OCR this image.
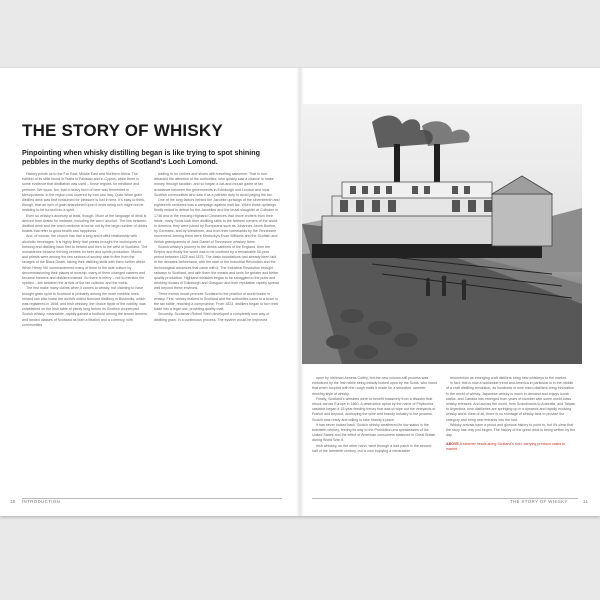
THE STORY OF WHISKY

Pinpointing when whisky distilling began is like trying to spot shining pebbles in the murky depths of Scotland's Loch Lomond.

History points us to the Far East, Middle East and Northern Africa. The earliest of its stills found in Taxila in Pakistan and in Cyprus, while there is some evidence that distillation was used – those regions for medicine and perfume. We know, too, that a heavy form of beer was fermented in Mesopotamia, in the region now covered by Iran and Iraq. Quite when grain distilled drink was first consumed for pleasure is lost in time. It's easy to think, though, that an inch of grain abandoned upon it ends being rich might not be resisting to be turned into a spirit.

Even so whisky's ancestry at least, though. Much of the language of drink is derived from Arabic for instance, including the word 'alcohol'. The link between distilled drink and the word medicine is borne out by the large number of drinks boasts that refer to good health and happiness.

And, of course, the church has had a long and fruitful relationship with alcoholic beverages. It is highly likely that priests brought the techniques of brewing and distilling back first to Ireland and then to the west of Scotland. The monasteries became thriving centres for beer and spirits production. Monks and priests were among the few sectors of society able to flee from the ravages of the Black Death, taking their distilling skills with them further afield. When Henry VIII commandeered many of them to the side culture by decommissioning their places of worship, many of them changed careers and became brewers and distillers instead. So there is merry – not to mention the spirited – link between the arrival of the tax collector and the monk.

The first make many claims when it comes to whisky, but claiming to have brought grain spirit to Scotland is probably among the more credible ones. Ireland can also boast the world's oldest licensed distillery in Bushmills, which was registered in 1608, and Irish whiskey, the choice tipple of the nobility, was established on the Irish table of plenty long before its Scottish counterpart. Scotch whisky, meanwhile, rapidly gained a foothold among the tenant farmers and landed classes of Scotland as both a libation and a currency, with communities

trading in for clothes and shoes with travelling salesmen. That in turn attracted the attention of the authorities, who quickly saw a chance to make money through taxation, and so began a cat-and-mouse game of tax avoidance between the governments in Edinburgh and London and local Scottish communities who saw it as a patriotic duty to avoid paying the tax.

One of the long factors behind the Jacobite uprisings of the seventeenth and eighteenth centuries was a campaign against malt tax. When those uprisings finally ended in defeat for the Jacobites and the brutal slaughter at Culloden in 1746 and in the ensuing Highland Clearances that drove crofters from their lands, many Scots took their distilling skills to the farthest corners of the world. In America, they were joined by Europeans such as Johannes Jacob Boehm, by Germans, and by Welshmen, and from their homelands by the Tennessee movement. Among them were Kentucky's Evan Williams and the Scottish and Welsh grandparents of Jack Daniel of Tennessee whiskey fame.

Scotch whisky's journey to the drinks cabinets of the England, then the Empire and finally the world was to be confined by a remarkable 50-year period between 1825 and 1875. The basic foundations had already been laid. In the decades beforehand, with the start of the Industrial Revolution and the technological advances that came with it. The Industrial Revolution brought railways to Scotland, and with them the means and tools for greater and better quality production. Highland whiskies began to be smuggled to the pubs and drinking houses of Edinburgh and Glasgow, and their reputation rapidly spread well beyond these environs.

Three events would promote Scotland to the position of world leader in whisky. First, whisky makers in Scotland and the authorities came to a truce in the tax battle, reaching a compromise. From 1823, distillers began to turn their trade into a legal one, providing quality malt.

Secondly, Scotsman Robert Stein developed a completely new way of distilling grain: in a continuous process. The system would be improved

upon by Irishman Aeneas Coffey, but the new column-still process was embraced by the Irish while being initially looked upon by the Scots, who found that when coupled with the rough malts it made for a smoother, sweeter drinking style of whisky.

Finally, Scotland's whiskies were to benefit massively from a disaster that struck across Europe in 1860. A destructive aphid by the name of Phylloxera vastatrix began a 15-year feeding frenzy that was to wipe out the vineyards of France and beyond, destroying the wine and brandy industry in the process. Scotch was ready and willing to take brandy's place.

It has never looked back. Scotch whisky weathered its low status in the twentieth century, feeling its way to the Prohibition-era speakeasies of the United States and the effect of American consumers stationed in Great Britain during World War II.

Irish whiskey, on the other hand, went through a bad patch in the second half of the twentieth century, but is now enjoying a remarkable

resurrection as emerging craft distillers bring new whiskeys to the market.

In fact, this is now a worldwide trend and America in particular is in the middle of a craft distilling revolution, as hundreds of new micro-distillers bring innovation to the world of whisky. Japanese whisky is much in demand and enjoys iconic status, and Canada has emerged from years of slumber with some world-class whisky releases. And across the world, from Scandinavia to Australia, and Taiwan to Argentina, new distilleries are springing up in a dynamic and rapidly evolving whisky world. Best of all, there is no shortage of whisky fans to provide the category and bring new entrants into the fold.

Whisky arrivals have a proud and glorious history to point to, but it's clear that the story has only just begun. The history of the great drink is being written by the day.

ABOVE A steamer heads along Scotland's river, carrying precious casks to market.

10 INTRODUCTION	THE STORY OF WHISKY	11
